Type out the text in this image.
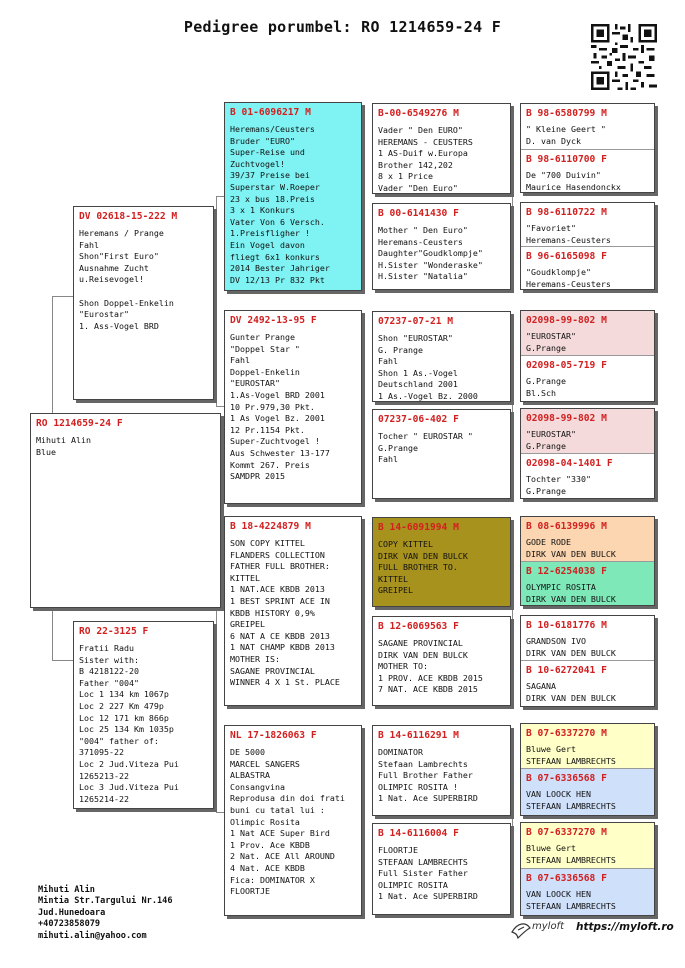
Pedigree porumbel: RO 1214659-24 F
RO 1214659-24 F
Mihuti Alin
Blue
DV 02618-15-222 M
Heremans / Prange
Fahl
Shon"First Euro"
Ausnahme Zucht
u.Reisevogel!

Shon Doppel-Enkelin
"Eurostar"
1. Ass-Vogel BRD
RO 22-3125 F
Fratii Radu
Sister with:
B 4218122-20
Father "004"
Loc 1 134 km 1067p
Loc 2 227 Km 479p
Loc 12 171 km 866p
Loc 25 134 Km 1035p
"004" father of:
371095-22
Loc 2 Jud.Viteza Pui
1265213-22
Loc 3 Jud.Viteza Pui
1265214-22
B 01-6096217 M
Heremans/Ceusters
Bruder "EURO"
Super-Reise und
Zuchtvogel!
39/37 Preise bei
Superstar W.Roeper
23 x bus 18.Preis
3 x 1 Konkurs
Vater Von 6 Versch.
1.Preisfligher !
Ein Vogel davon
fliegt 6x1 konkurs
2014 Bester Jahriger
DV 12/13 Pr 832 Pkt
DV 2492-13-95 F
Gunter Prange
"Doppel Star "
Fahl
Doppel-Enkelin
"EUROSTAR"
1.As-Vogel BRD 2001
10 Pr.979,30 Pkt.
1 As Vogel Bz. 2001
12 Pr.1154 Pkt.
Super-Zuchtvogel !
Aus Schwester 13-177
Kommt 267. Preis
SAMDPR 2015
B 18-4224879 M
SON COPY KITTEL
FLANDERS COLLECTION
FATHER FULL BROTHER:
KITTEL
1 NAT.ACE KBDB 2013
1 BEST SPRINT ACE IN
KBDB HISTORY 0,9%
GREIPEL
6 NAT A CE KBDB 2013
1 NAT CHAMP KBDB 2013
MOTHER IS:
SAGANE PROVINCIAL
WINNER 4 X 1 St. PLACE
NL 17-1826063 F
DE 5000
MARCEL SANGERS
ALBASTRA
Consangvina
Reprodusa din doi frati
buni cu tatal lui :
Olimpic Rosita
1 Nat ACE Super Bird
1 Prov. Ace KBDB
2 Nat. ACE All AROUND
4 Nat. ACE KBDB
Fica: DOMINATOR X
FLOORTJE
B-00-6549276 M
Vader " Den EURO"
HEREMANS - CEUSTERS
1 AS-Duif w.Europa
Brother 142,202
8 x 1 Price
Vader "Den Euro"
B 00-6141430 F
Mother " Den Euro"
Heremans-Ceusters
Daughter"Goudklompje"
H.Sister "Wonderaske"
H.Sister "Natalia"
07237-07-21 M
Shon "EUROSTAR"
G. Prange
Fahl
Shon 1 As.-Vogel
Deutschland 2001
1 As.-Vogel Bz. 2000
07237-06-402 F
Tocher " EUROSTAR "
G.Prange
Fahl
B 14-6091994 M
COPY KITTEL
DIRK VAN DEN BULCK
FULL BROTHER TO.
KITTEL
GREIPEL
B 12-6069563 F
SAGANE PROVINCIAL
DIRK VAN DEN BULCK
MOTHER TO:
1 PROV. ACE KBDB 2015
7 NAT. ACE KBDB 2015
B 14-6116291 M
DOMINATOR
Stefaan Lambrechts
Full Brother Father
OLIMPIC ROSITA !
1 Nat. Ace SUPERBIRD
B 14-6116004 F
FLOORTJE
STEFAAN LAMBRECHTS
Full Sister Father
OLIMPIC ROSITA
1 Nat. Ace SUPERBIRD
B 98-6580799 M
" Kleine Geert "
D. van Dyck
B 98-6110700 F
De "700 Duivin"
Maurice Hasendonckx
B 98-6110722 M
"Favoriet"
Heremans-Ceusters
B 96-6165098 F
"Goudklompje"
Heremans-Ceusters
02098-99-802 M
"EUROSTAR"
G.Prange
02098-05-719 F
G.Prange
Bl.Sch
02098-99-802 M
"EUROSTAR"
G.Prange
02098-04-1401 F
Tochter "330"
G.Prange
B 08-6139996 M
GODE RODE
DIRK VAN DEN BULCK
B 12-6254038 F
OLYMPIC ROSITA
DIRK VAN DEN BULCK
B 10-6181776 M
GRANDSON IVO
DIRK VAN DEN BULCK
B 10-6272041 F
SAGANA
DIRK VAN DEN BULCK
B 07-6337270 M
Bluwe Gert
STEFAAN LAMBRECHTS
B 07-6336568 F
VAN LOOCK HEN
STEFAAN LAMBRECHTS
B 07-6337270 M
Bluwe Gert
STEFAAN LAMBRECHTS
B 07-6336568 F
VAN LOOCK HEN
STEFAAN LAMBRECHTS
Mihuti Alin
Mintia Str.Targului Nr.146
Jud.Hunedoara
+40723858079
mihuti.alin@yahoo.com
myloft https://myloft.ro
